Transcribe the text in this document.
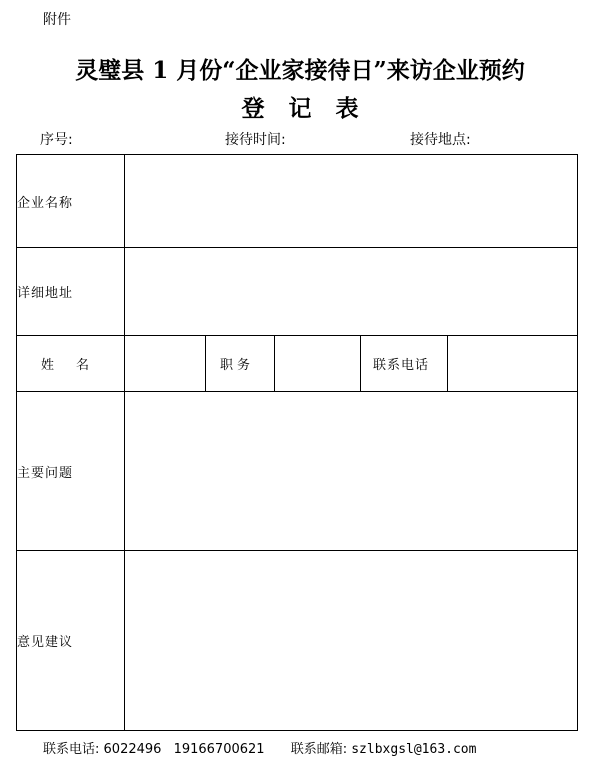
附件
灵璧县 1 月份“企业家接待日”来访企业预约
登记表
序号:	接待时间:	接待地点:
企业名称					
详细地址					
姓名		职务		联系电话	
主要问题					
意见建议					
联系电话: 6022496 19166700621 联系邮箱: szlbxgsl@163.com
